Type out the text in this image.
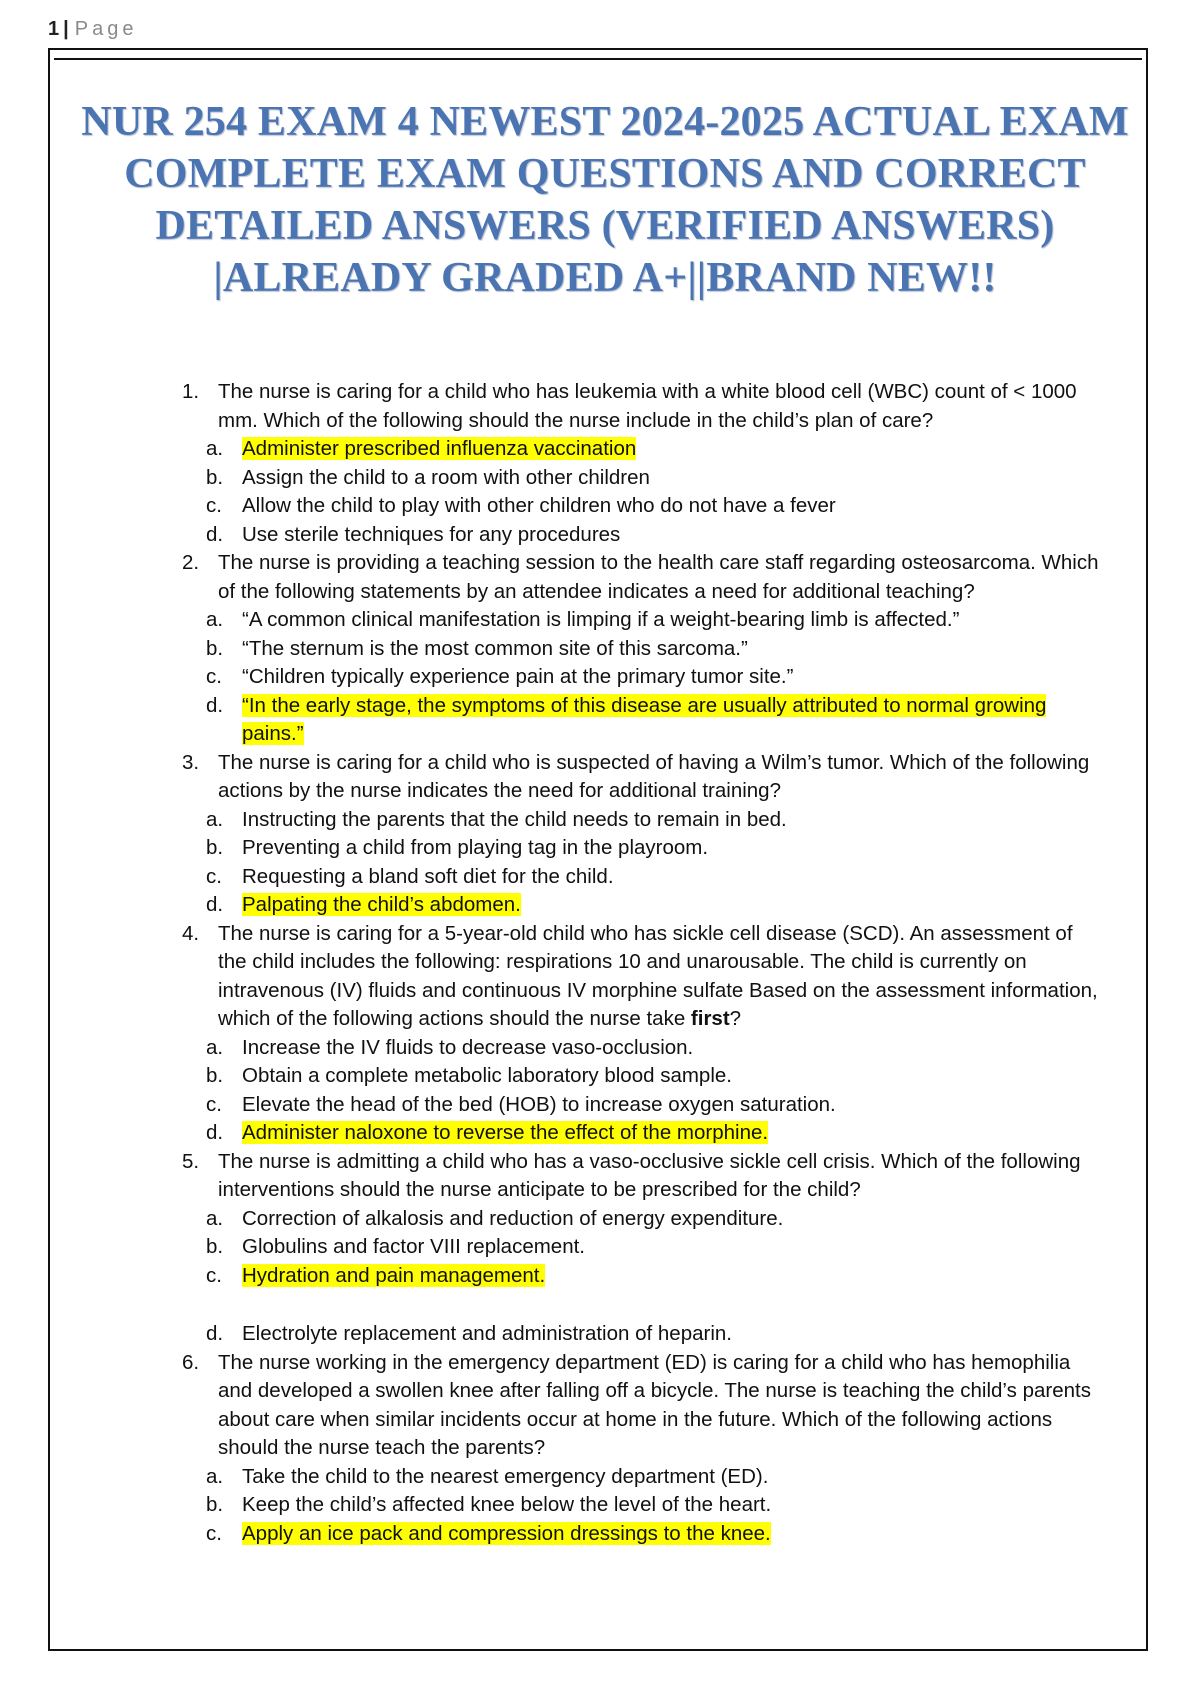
1 | Page
NUR 254 EXAM 4 NEWEST 2024-2025 ACTUAL EXAM COMPLETE EXAM QUESTIONS AND CORRECT DETAILED ANSWERS (VERIFIED ANSWERS) |ALREADY GRADED A+||BRAND NEW!!
1. The nurse is caring for a child who has leukemia with a white blood cell (WBC) count of < 1000 mm. Which of the following should the nurse include in the child’s plan of care?
a. Administer prescribed influenza vaccination
b. Assign the child to a room with other children
c. Allow the child to play with other children who do not have a fever
d. Use sterile techniques for any procedures
2. The nurse is providing a teaching session to the health care staff regarding osteosarcoma. Which of the following statements by an attendee indicates a need for additional teaching?
a. “A common clinical manifestation is limping if a weight-bearing limb is affected.”
b. “The sternum is the most common site of this sarcoma.”
c. “Children typically experience pain at the primary tumor site.”
d. “In the early stage, the symptoms of this disease are usually attributed to normal growing pains.”
3. The nurse is caring for a child who is suspected of having a Wilm’s tumor. Which of the following actions by the nurse indicates the need for additional training?
a. Instructing the parents that the child needs to remain in bed.
b. Preventing a child from playing tag in the playroom.
c. Requesting a bland soft diet for the child.
d. Palpating the child’s abdomen.
4. The nurse is caring for a 5-year-old child who has sickle cell disease (SCD). An assessment of the child includes the following: respirations 10 and unarousable. The child is currently on intravenous (IV) fluids and continuous IV morphine sulfate Based on the assessment information, which of the following actions should the nurse take first?
a. Increase the IV fluids to decrease vaso-occlusion.
b. Obtain a complete metabolic laboratory blood sample.
c. Elevate the head of the bed (HOB) to increase oxygen saturation.
d. Administer naloxone to reverse the effect of the morphine.
5. The nurse is admitting a child who has a vaso-occlusive sickle cell crisis. Which of the following interventions should the nurse anticipate to be prescribed for the child?
a. Correction of alkalosis and reduction of energy expenditure.
b. Globulins and factor VIII replacement.
c. Hydration and pain management.
d. Electrolyte replacement and administration of heparin.
6. The nurse working in the emergency department (ED) is caring for a child who has hemophilia and developed a swollen knee after falling off a bicycle. The nurse is teaching the child’s parents about care when similar incidents occur at home in the future. Which of the following actions should the nurse teach the parents?
a. Take the child to the nearest emergency department (ED).
b. Keep the child’s affected knee below the level of the heart.
c. Apply an ice pack and compression dressings to the knee.
